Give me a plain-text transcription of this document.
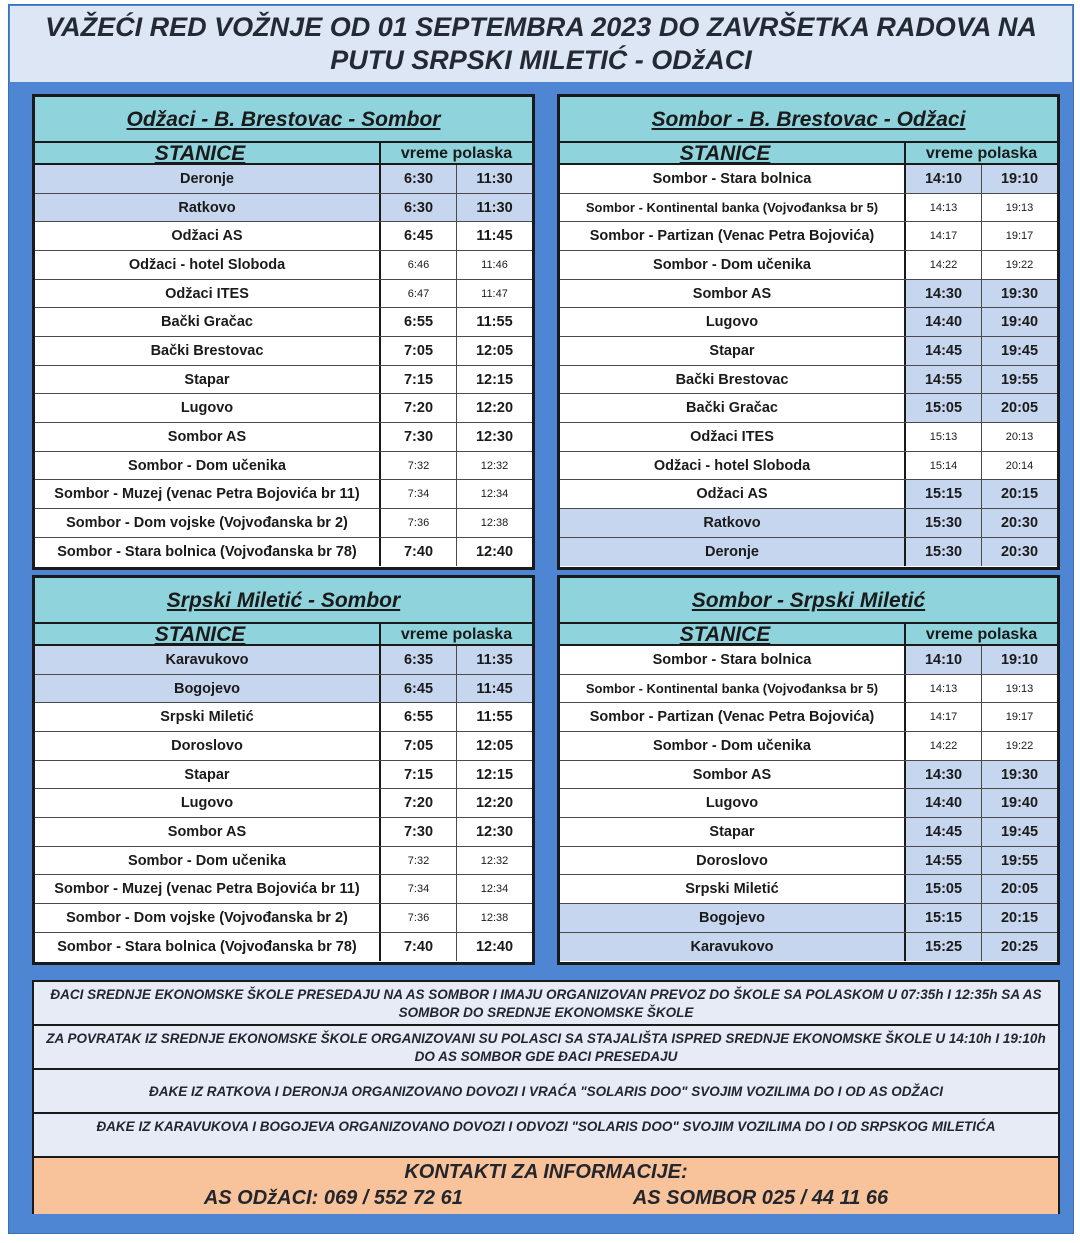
VAŽEĆI RED VOŽNJE OD 01 SEPTEMBRA 2023 DO ZAVRŠETKA RADOVA NA
PUTU SRPSKI MILETIĆ - ODžACI
Odžaci - B. Brestovac - Sombor
STANICE	vreme polaska
Deronje	6:30	11:30
Ratkovo	6:30	11:30
Odžaci AS	6:45	11:45
Odžaci - hotel Sloboda	6:46	11:46
Odžaci ITES	6:47	11:47
Bački Gračac	6:55	11:55
Bački Brestovac	7:05	12:05
Stapar	7:15	12:15
Lugovo	7:20	12:20
Sombor AS	7:30	12:30
Sombor - Dom učenika	7:32	12:32
Sombor - Muzej (venac Petra Bojovića br 11)	7:34	12:34
Sombor - Dom vojske (Vojvođanska br 2)	7:36	12:38
Sombor - Stara bolnica (Vojvođanska br 78)	7:40	12:40
Sombor - B. Brestovac - Odžaci
STANICE	vreme polaska
Sombor - Stara bolnica	14:10	19:10
Sombor - Kontinental banka (Vojvođanksa br 5)	14:13	19:13
Sombor - Partizan (Venac Petra Bojovića)	14:17	19:17
Sombor - Dom učenika	14:22	19:22
Sombor AS	14:30	19:30
Lugovo	14:40	19:40
Stapar	14:45	19:45
Bački Brestovac	14:55	19:55
Bački Gračac	15:05	20:05
Odžaci ITES	15:13	20:13
Odžaci - hotel Sloboda	15:14	20:14
Odžaci AS	15:15	20:15
Ratkovo	15:30	20:30
Deronje	15:30	20:30
Srpski Miletić - Sombor
STANICE	vreme polaska
Karavukovo	6:35	11:35
Bogojevo	6:45	11:45
Srpski Miletić	6:55	11:55
Doroslovo	7:05	12:05
Stapar	7:15	12:15
Lugovo	7:20	12:20
Sombor AS	7:30	12:30
Sombor - Dom učenika	7:32	12:32
Sombor - Muzej (venac Petra Bojovića br 11)	7:34	12:34
Sombor - Dom vojske (Vojvođanska br 2)	7:36	12:38
Sombor - Stara bolnica (Vojvođanska br 78)	7:40	12:40
Sombor - Srpski Miletić
STANICE	vreme polaska
Sombor - Stara bolnica	14:10	19:10
Sombor - Kontinental banka (Vojvođanksa br 5)	14:13	19:13
Sombor - Partizan (Venac Petra Bojovića)	14:17	19:17
Sombor - Dom učenika	14:22	19:22
Sombor AS	14:30	19:30
Lugovo	14:40	19:40
Stapar	14:45	19:45
Doroslovo	14:55	19:55
Srpski Miletić	15:05	20:05
Bogojevo	15:15	20:15
Karavukovo	15:25	20:25
ĐACI SREDNJE EKONOMSKE ŠKOLE PRESEDAJU NA AS SOMBOR I IMAJU ORGANIZOVAN PREVOZ DO ŠKOLE SA POLASKOM U 07:35h I 12:35h SA AS SOMBOR DO SREDNJE EKONOMSKE ŠKOLE
ZA POVRATAK IZ SREDNJE EKONOMSKE ŠKOLE ORGANIZOVANI SU POLASCI SA STAJALIŠTA ISPRED SREDNJE EKONOMSKE ŠKOLE U 14:10h I 19:10h DO AS SOMBOR GDE ĐACI PRESEDAJU
ĐAKE IZ RATKOVA I DERONJA ORGANIZOVANO DOVOZI I VRAĆA "SOLARIS DOO" SVOJIM VOZILIMA DO I OD AS ODŽACI
ĐAKE IZ KARAVUKOVA I BOGOJEVA ORGANIZOVANO DOVOZI I ODVOZI "SOLARIS DOO" SVOJIM VOZILIMA DO I OD SRPSKOG MILETIĆA
KONTAKTI ZA INFORMACIJE:
AS ODžACI: 069 / 552 72 61	AS SOMBOR 025 / 44 11 66
